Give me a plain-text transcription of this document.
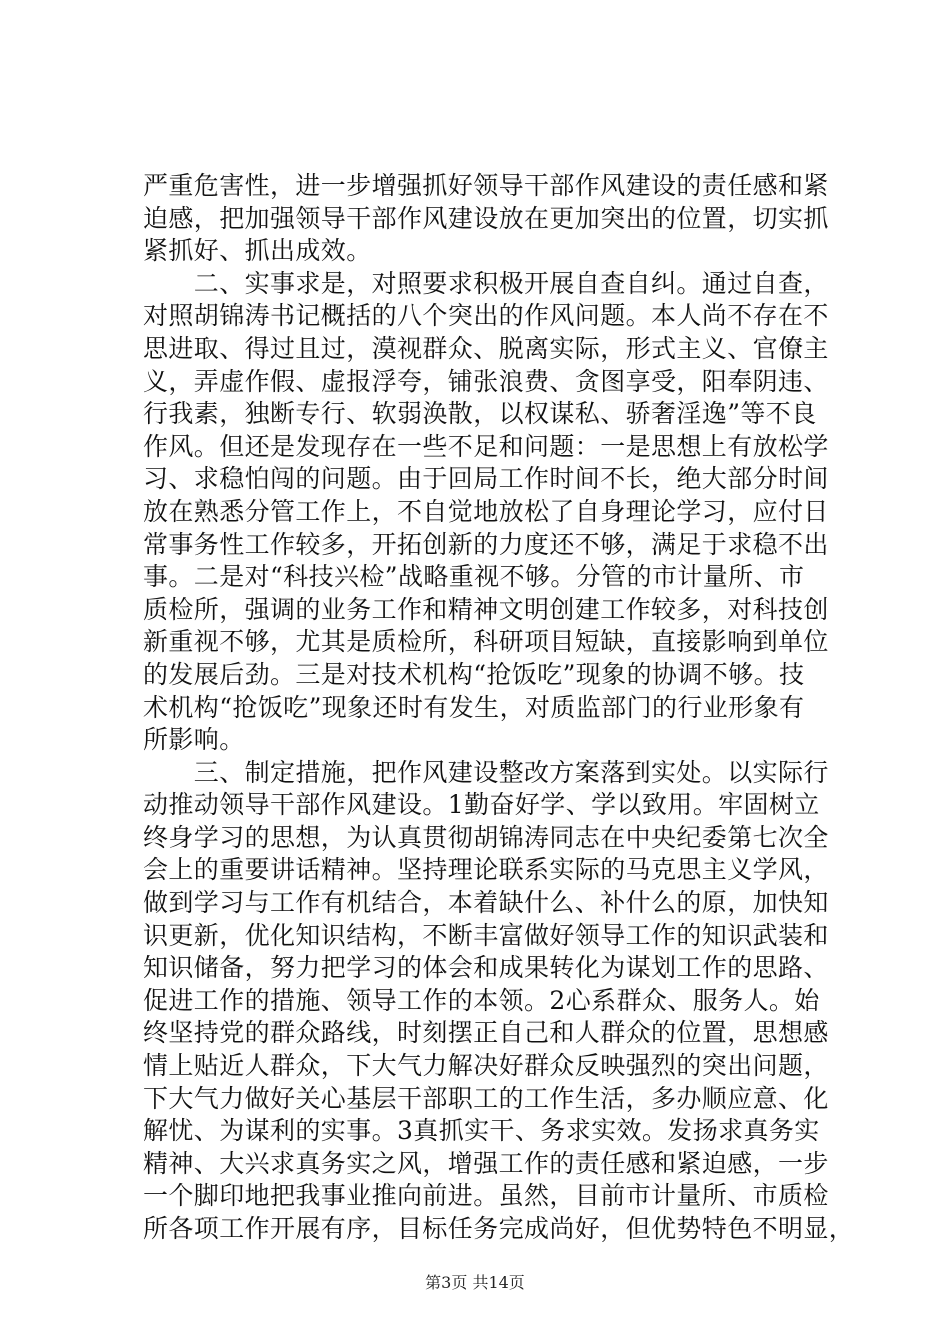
严重危害性，进一步增强抓好领导干部作风建设的责任感和紧
迫感，把加强领导干部作风建设放在更加突出的位置，切实抓
紧抓好、抓出成效。
　　二、实事求是，对照要求积极开展自查自纠。通过自查，
对照胡锦涛书记概括的八个突出的作风问题。本人尚不存在不
思进取、得过且过，漠视群众、脱离实际，形式主义、官僚主
义，弄虚作假、虚报浮夸，铺张浪费、贪图享受，阳奉阴违、
行我素，独断专行、软弱涣散，以权谋私、骄奢淫逸”等不良
作风。但还是发现存在一些不足和问题：一是思想上有放松学
习、求稳怕闯的问题。由于回局工作时间不长，绝大部分时间
放在熟悉分管工作上，不自觉地放松了自身理论学习，应付日
常事务性工作较多，开拓创新的力度还不够，满足于求稳不出
事。二是对“科技兴检”战略重视不够。分管的市计量所、市
质检所，强调的业务工作和精神文明创建工作较多，对科技创
新重视不够，尤其是质检所，科研项目短缺，直接影响到单位
的发展后劲。三是对技术机构“抢饭吃”现象的协调不够。技
术机构“抢饭吃”现象还时有发生，对质监部门的行业形象有
所影响。
　　三、制定措施，把作风建设整改方案落到实处。以实际行
动推动领导干部作风建设。1勤奋好学、学以致用。牢固树立
终身学习的思想，为认真贯彻胡锦涛同志在中央纪委第七次全
会上的重要讲话精神。坚持理论联系实际的马克思主义学风，
做到学习与工作有机结合，本着缺什么、补什么的原，加快知
识更新，优化知识结构，不断丰富做好领导工作的知识武装和
知识储备，努力把学习的体会和成果转化为谋划工作的思路、
促进工作的措施、领导工作的本领。2心系群众、服务人。始
终坚持党的群众路线，时刻摆正自己和人群众的位置，思想感
情上贴近人群众，下大气力解决好群众反映强烈的突出问题，
下大气力做好关心基层干部职工的工作生活，多办顺应意、化
解忧、为谋利的实事。3真抓实干、务求实效。发扬求真务实
精神、大兴求真务实之风，增强工作的责任感和紧迫感，一步
一个脚印地把我事业推向前进。虽然，目前市计量所、市质检
所各项工作开展有序，目标任务完成尚好，但优势特色不明显，
第3页 共14页
